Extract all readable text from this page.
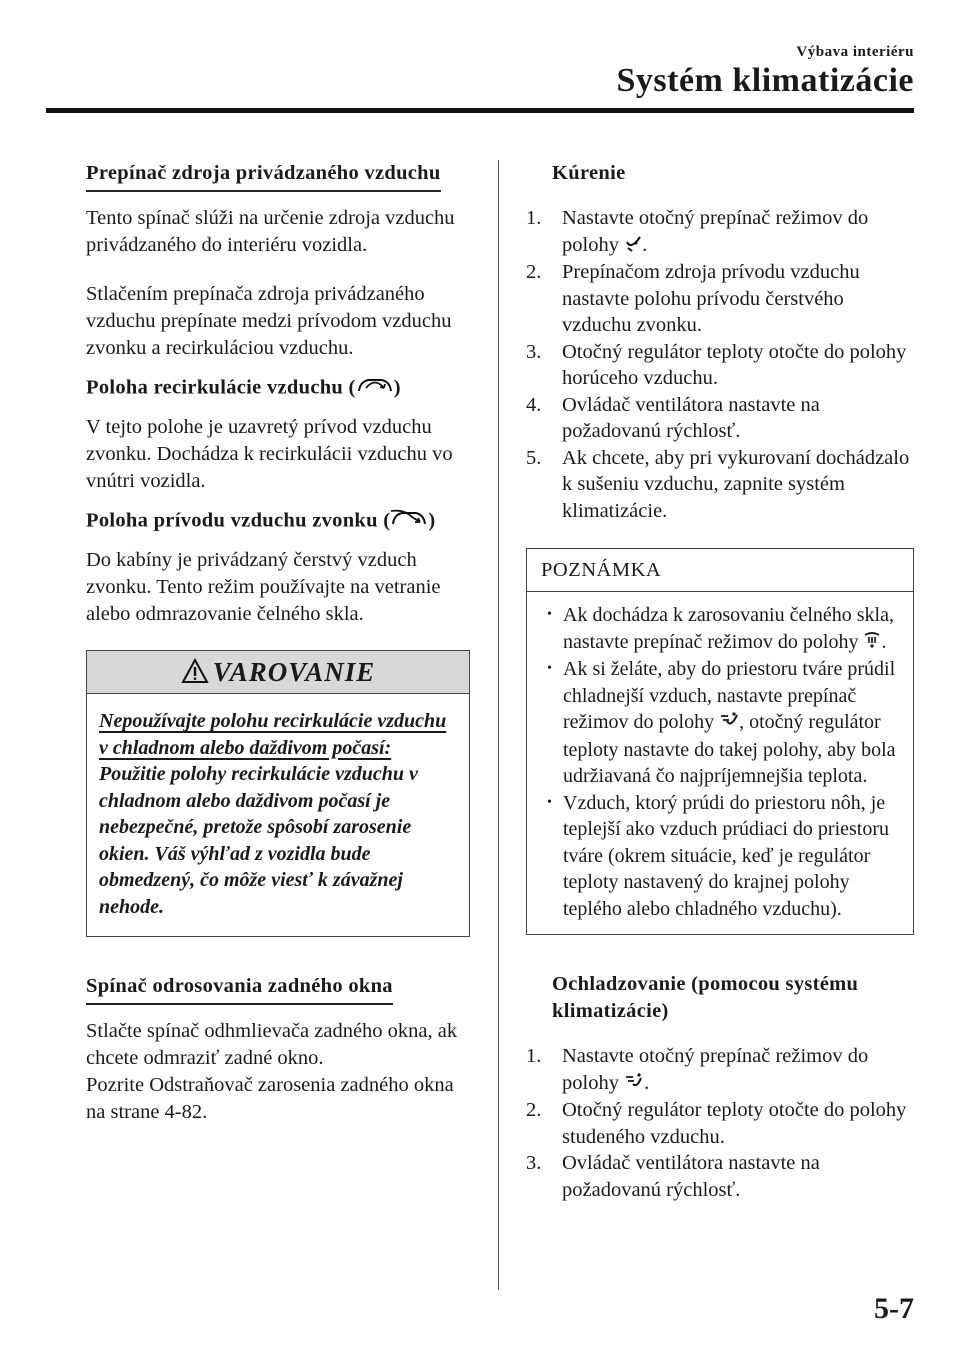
Výbava interiéru
Systém klimatizácie
Prepínač zdroja privádzaného vzduchu

Tento spínač slúži na určenie zdroja vzduchu privádzaného do interiéru vozidla.

Stlačením prepínača zdroja privádzaného vzduchu prepínate medzi prívodom vzduchu zvonku a recirkuláciou vzduchu.

Poloha recirkulácie vzduchu ( )

V tejto polohe je uzavretý prívod vzduchu zvonku. Dochádza k recirkulácii vzduchu vo vnútri vozidla.

Poloha prívodu vzduchu zvonku ( )

Do kabíny je privádzaný čerstvý vzduch zvonku. Tento režim používajte na vetranie alebo odmrazovanie čelného skla.

VAROVANIE
Nepoužívajte polohu recirkulácie vzduchu v chladnom alebo daždivom počasí:
Použitie polohy recirkulácie vzduchu v chladnom alebo daždivom počasí je nebezpečné, pretože spôsobí zarosenie okien. Váš výhľad z vozidla bude obmedzený, čo môže viesť k závažnej nehode.
Spínač odrosovania zadného okna

Stlačte spínač odhmlievača zadného okna, ak chcete odmraziť zadné okno.

Pozrite Odstraňovač zarosenia zadného okna na strane 4-82.

Kúrenie
1. Nastavte otočný prepínač režimov do polohy .
2. Prepínačom zdroja prívodu vzduchu nastavte polohu prívodu čerstvého vzduchu zvonku.
3. Otočný regulátor teploty otočte do polohy horúceho vzduchu.
4. Ovládač ventilátora nastavte na požadovanú rýchlosť.
5. Ak chcete, aby pri vykurovaní dochádzalo k sušeniu vzduchu, zapnite systém klimatizácie.
POZNÁMKA
• Ak dochádza k zarosovaniu čelného skla, nastavte prepínač režimov do polohy .
• Ak si želáte, aby do priestoru tváre prúdil chladnejší vzduch, nastavte prepínač režimov do polohy , otočný regulátor teploty nastavte do takej polohy, aby bola udržiavaná čo najpríjemnejšia teplota.
• Vzduch, ktorý prúdi do priestoru nôh, je teplejší ako vzduch prúdiaci do priestoru tváre (okrem situácie, keď je regulátor teploty nastavený do krajnej polohy teplého alebo chladného vzduchu).
Ochladzovanie (pomocou systému klimatizácie)
1. Nastavte otočný prepínač režimov do polohy .
2. Otočný regulátor teploty otočte do polohy studeného vzduchu.
3. Ovládač ventilátora nastavte na požadovanú rýchlosť.
5-7
